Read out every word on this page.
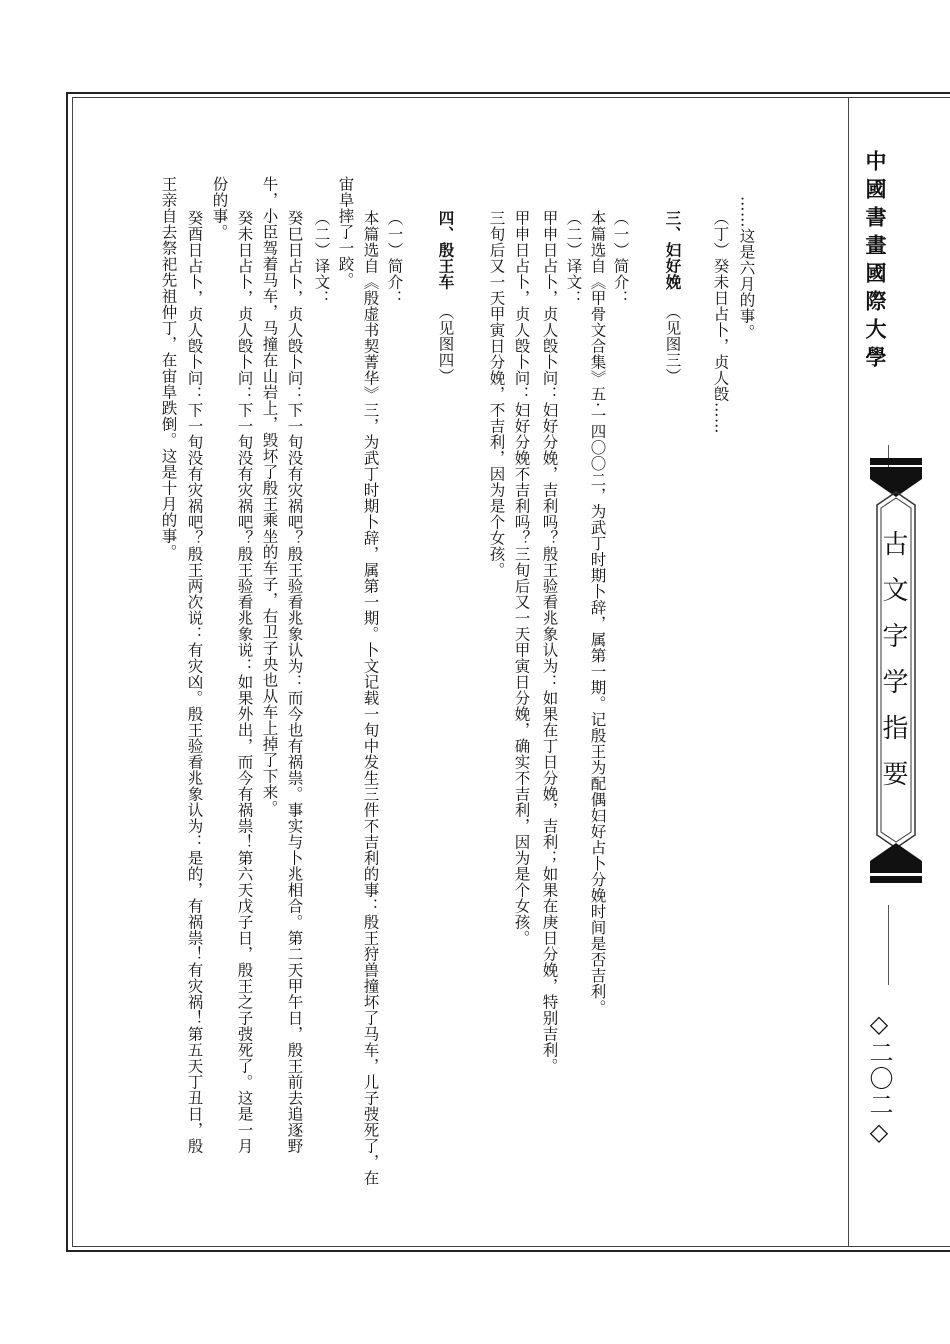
中國書畫國際大學
古文字学指要
◇二〇二◇
……这是六月的事。
（丁）癸未日占卜，贞人𣪘……
三、妇好娩（见图三）
（一）简介：
本篇选自《甲骨文合集》五·一四〇〇二，为武丁时期卜辞，属第一期。记殷王为配偶妇好占卜分娩时间是否吉利。
（二）译文：
甲申日占卜，贞人𣪘卜问：妇好分娩，吉利吗？殷王验看兆象认为：如果在丁日分娩，吉利；如果在庚日分娩，特别吉利。
甲申日占卜，贞人𣪘卜问：妇好分娩不吉利吗？三旬后又一天甲寅日分娩，确实不吉利，因为是个女孩。
三旬后又一天甲寅日分娩，不吉利，因为是个女孩。
四、殷王车（见图四）
（一）简介：
本篇选自《殷虚书契菁华》三，为武丁时期卜辞，属第一期。卜文记载一旬中发生三件不吉利的事：殷王狩兽撞坏了马车，儿子弢死了，在
宙阜摔了一跤。
（二）译文：
癸巳日占卜，贞人𣪘卜问：下一旬没有灾祸吧？殷王验看兆象认为：而今也有祸祟。事实与卜兆相合。第二天甲午日，殷王前去追逐野
牛，小臣驾着马车，马撞在山岩上，毁坏了殷王乘坐的车子，右卫子央也从车上掉了下来。
癸未日占卜，贞人𣪘卜问：下一旬没有灾祸吧？殷王验看兆象说：如果外出，而今有祸祟！第六天戊子日，殷王之子弢死了。这是一月
份的事。
癸酉日占卜，贞人𣪘卜问：下一旬没有灾祸吧？殷王两次说：有灾凶。殷王验看兆象认为：是的，有祸祟！有灾祸！第五天丁丑日，殷
王亲自去祭祀先祖仲丁，在宙阜跌倒。这是十月的事。
